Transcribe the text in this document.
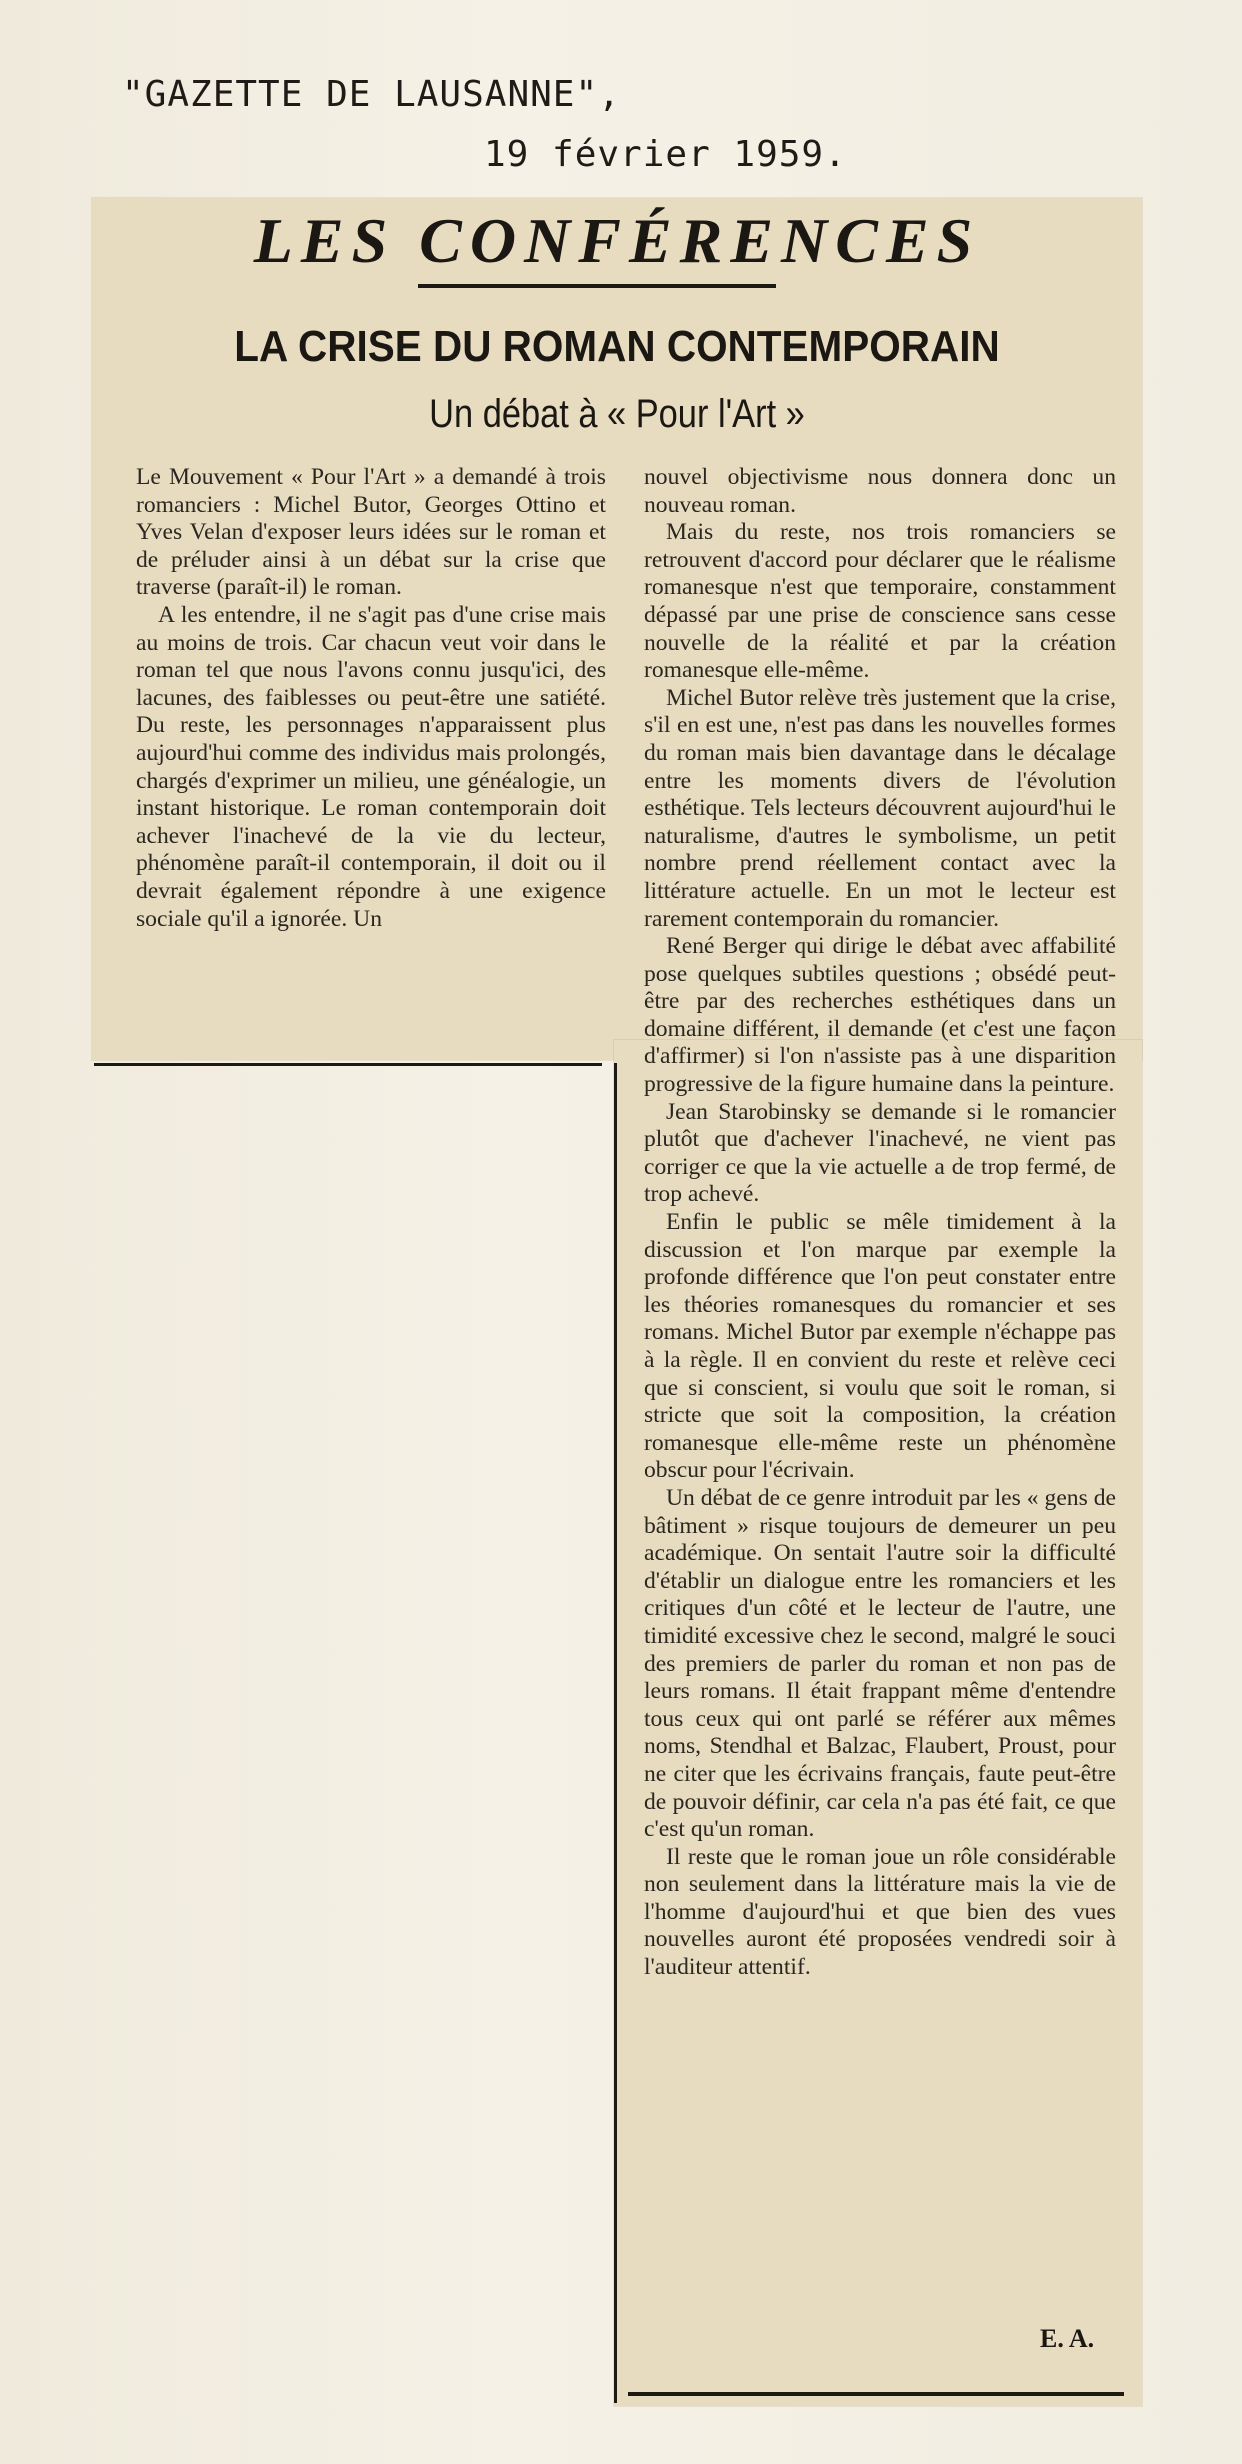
"GAZETTE DE LAUSANNE",
19 février 1959.
LES CONFÉRENCES
LA CRISE DU ROMAN CONTEMPORAIN
Un débat à « Pour l'Art »

Le Mouvement « Pour l'Art » a demandé à trois romanciers : Michel Butor, Georges Ottino et Yves Velan d'exposer leurs idées sur le roman et de préluder ainsi à un débat sur la crise que traverse (paraît-il) le roman.

A les entendre, il ne s'agit pas d'une crise mais au moins de trois. Car chacun veut voir dans le roman tel que nous l'avons connu jusqu'ici, des lacunes, des faiblesses ou peut-être une satiété. Du reste, les personnages n'apparaissent plus aujourd'hui comme des individus mais prolongés, chargés d'exprimer un milieu, une généalogie, un instant historique. Le roman contemporain doit achever l'inachevé de la vie du lecteur, phénomène paraît-il contemporain, il doit ou il devrait également répondre à une exigence sociale qu'il a ignorée. Un

nouvel objectivisme nous donnera donc un nouveau roman.

Mais du reste, nos trois romanciers se retrouvent d'accord pour déclarer que le réalisme romanesque n'est que temporaire, constamment dépassé par une prise de conscience sans cesse nouvelle de la réalité et par la création romanesque elle-même.

Michel Butor relève très justement que la crise, s'il en est une, n'est pas dans les nouvelles formes du roman mais bien davantage dans le décalage entre les moments divers de l'évolution esthétique. Tels lecteurs découvrent aujourd'hui le naturalisme, d'autres le symbolisme, un petit nombre prend réellement contact avec la littérature actuelle. En un mot le lecteur est rarement contemporain du romancier.

René Berger qui dirige le débat avec affabilité pose quelques subtiles questions ; obsédé peut-être par des recherches esthétiques dans un domaine différent, il demande (et c'est une façon d'affirmer) si l'on n'assiste pas à une disparition progressive de la figure humaine dans la peinture.

Jean Starobinsky se demande si le romancier plutôt que d'achever l'inachevé, ne vient pas corriger ce que la vie actuelle a de trop fermé, de trop achevé.

Enfin le public se mêle timidement à la discussion et l'on marque par exemple la profonde différence que l'on peut constater entre les théories romanesques du romancier et ses romans. Michel Butor par exemple n'échappe pas à la règle. Il en convient du reste et relève ceci que si conscient, si voulu que soit le roman, si stricte que soit la composition, la création romanesque elle-même reste un phénomène obscur pour l'écrivain.

Un débat de ce genre introduit par les « gens de bâtiment » risque toujours de demeurer un peu académique. On sentait l'autre soir la difficulté d'établir un dialogue entre les romanciers et les critiques d'un côté et le lecteur de l'autre, une timidité excessive chez le second, malgré le souci des premiers de parler du roman et non pas de leurs romans. Il était frappant même d'entendre tous ceux qui ont parlé se référer aux mêmes noms, Stendhal et Balzac, Flaubert, Proust, pour ne citer que les écrivains français, faute peut-être de pouvoir définir, car cela n'a pas été fait, ce que c'est qu'un roman.

Il reste que le roman joue un rôle considérable non seulement dans la littérature mais la vie de l'homme d'aujourd'hui et que bien des vues nouvelles auront été proposées vendredi soir à l'auditeur attentif.

E. A.
